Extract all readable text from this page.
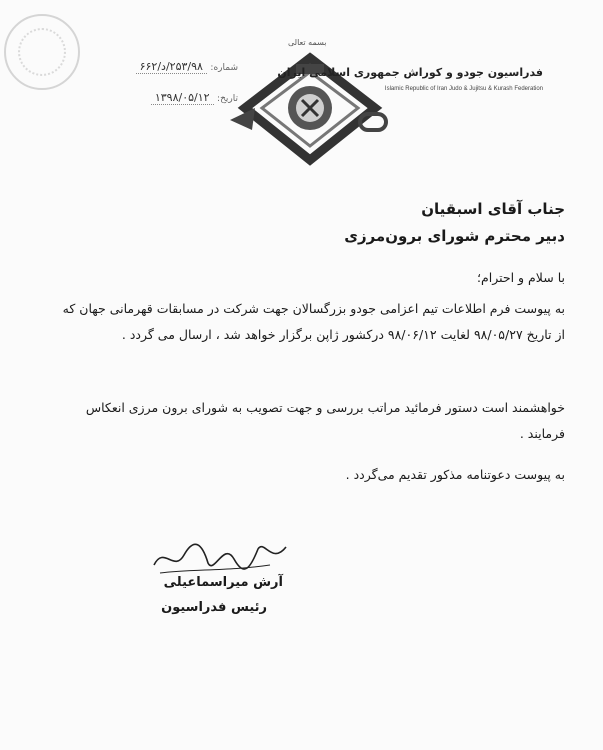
شماره: ۲۵۳/۹۸/د/۶۶۲
تاریخ: ۱۳۹۸/۰۵/۱۲
بسمه تعالی
فدراسیون جودو و کوراش جمهوری اسلامی ایران
Islamic Republic of Iran Judo & Jujitsu & Kurash Federation
جناب آقای اسبقیان
دبیر محترم شورای برون‌مرزی
با سلام و احترام؛
به پیوست فرم اطلاعات تیم اعزامی جودو بزرگسالان جهت شرکت در مسابقات قهرمانی جهان که از تاریخ ۹۸/۰۵/۲۷ لغایت ۹۸/۰۶/۱۲ درکشور ژاپن برگزار خواهد شد ، ارسال می گردد .
خواهشمند است دستور فرمائید مراتب بررسی و جهت تصویب به شورای برون مرزی انعکاس فرمایند .
به پیوست دعوتنامه مذکور تقدیم می‌گردد .
آرش میراسماعیلی
رئیس فدراسیون
